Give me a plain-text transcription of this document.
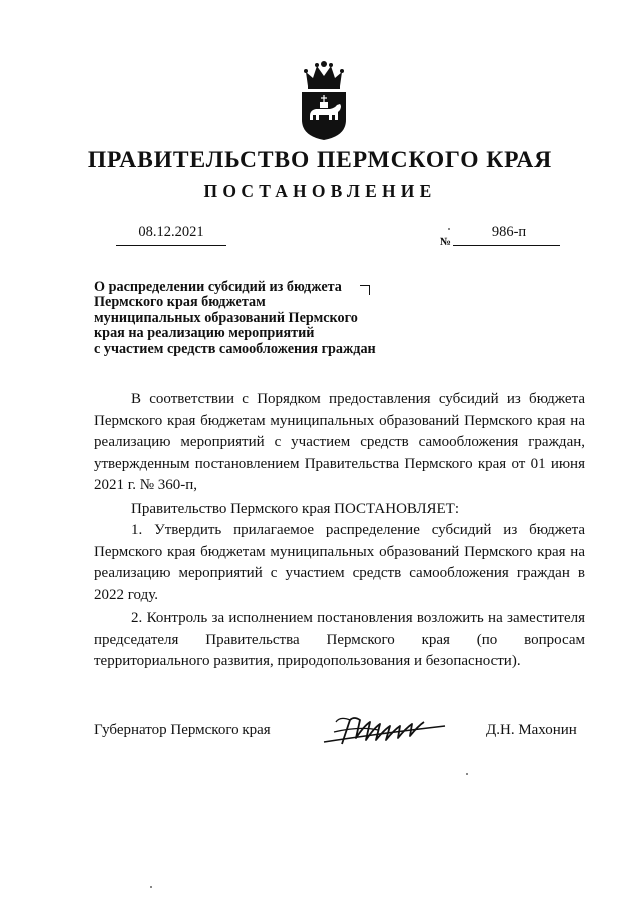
ПРАВИТЕЛЬСТВО ПЕРМСКОГО КРАЯ
ПОСТАНОВЛЕНИЕ
08.12.2021
№
986-п
О распределении субсидий из бюджета
Пермского края бюджетам
муниципальных образований Пермского
края на реализацию мероприятий
с участием средств самообложения граждан

В соответствии с Порядком предоставления субсидий из бюджета Пермского края бюджетам муниципальных образований Пермского края на реализацию мероприятий с участием средств самообложения граждан, утвержденным постановлением Правительства Пермского края от 01 июня 2021 г. № 360-п,

Правительство Пермского края ПОСТАНОВЛЯЕТ:

1. Утвердить прилагаемое распределение субсидий из бюджета Пермского края бюджетам муниципальных образований Пермского края на реализацию мероприятий с участием средств самообложения граждан в 2022 году.

2. Контроль за исполнением постановления возложить на заместителя председателя Правительства Пермского края (по вопросам территориального развития, природопользования и безопасности).

Губернатор Пермского края	Д.Н. Махонин
